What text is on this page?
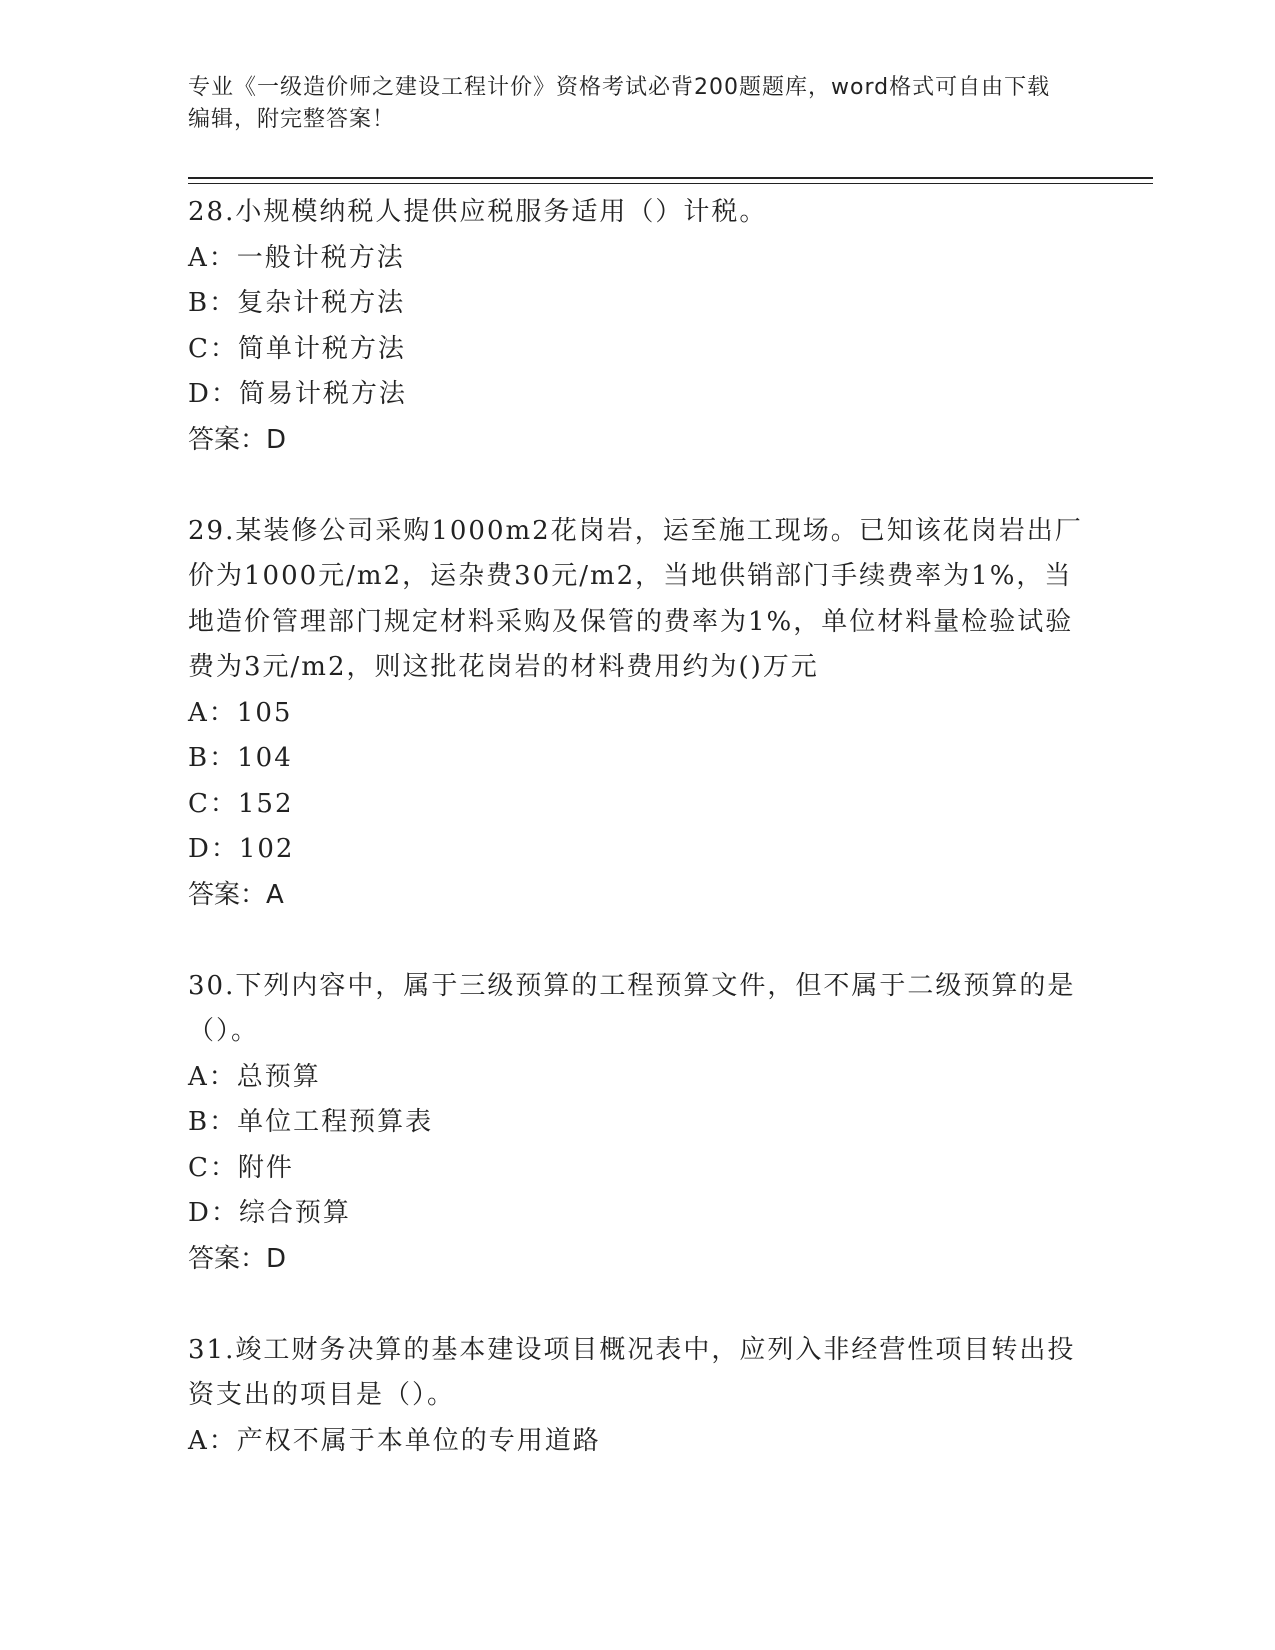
专业《一级造价师之建设工程计价》资格考试必背200题题库，word格式可自由下载编辑，附完整答案！

28.小规模纳税人提供应税服务适用（）计税。

A：一般计税方法

B：复杂计税方法

C：简单计税方法

D：简易计税方法

答案：D

29.某装修公司采购1000m2花岗岩，运至施工现场。已知该花岗岩出厂价为1000元/m2，运杂费30元/m2，当地供销部门手续费率为1%，当地造价管理部门规定材料采购及保管的费率为1%，单位材料量检验试验费为3元/m2，则这批花岗岩的材料费用约为()万元

A：105

B：104

C：152

D：102

答案：A

30.下列内容中，属于三级预算的工程预算文件，但不属于二级预算的是（）。

A：总预算

B：单位工程预算表

C：附件

D：综合预算

答案：D

31.竣工财务决算的基本建设项目概况表中，应列入非经营性项目转出投资支出的项目是（）。

A：产权不属于本单位的专用道路
